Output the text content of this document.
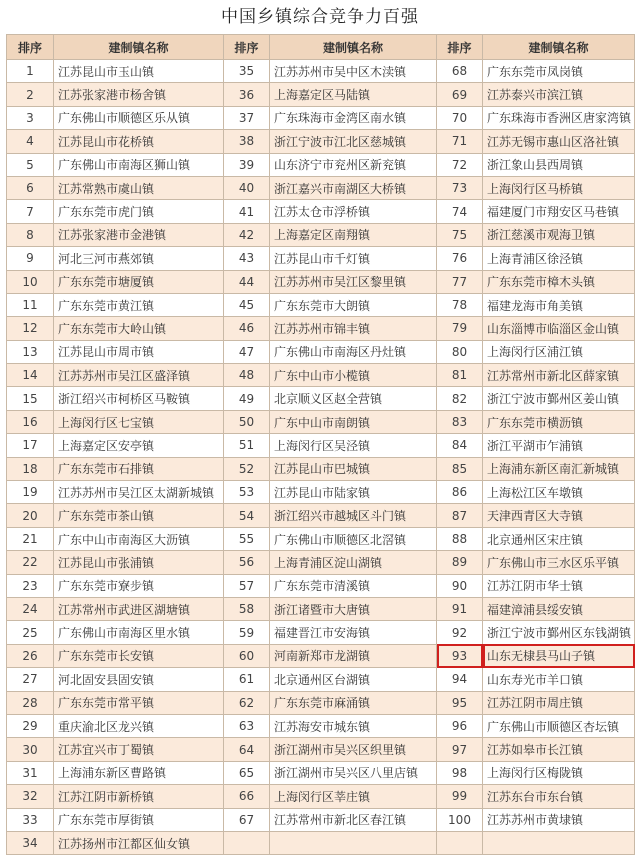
中国乡镇综合竞争力百强
排序	建制镇名称	排序	建制镇名称	排序	建制镇名称
1	江苏昆山市玉山镇	35	江苏苏州市吴中区木渎镇	68	广东东莞市凤岗镇
2	江苏张家港市杨舍镇	36	上海嘉定区马陆镇	69	江苏泰兴市滨江镇
3	广东佛山市顺德区乐从镇	37	广东珠海市金湾区南水镇	70	广东珠海市香洲区唐家湾镇
4	江苏昆山市花桥镇	38	浙江宁波市江北区慈城镇	71	江苏无锡市惠山区洛社镇
5	广东佛山市南海区狮山镇	39	山东济宁市兖州区新兖镇	72	浙江象山县西周镇
6	江苏常熟市虞山镇	40	浙江嘉兴市南湖区大桥镇	73	上海闵行区马桥镇
7	广东东莞市虎门镇	41	江苏太仓市浮桥镇	74	福建厦门市翔安区马巷镇
8	江苏张家港市金港镇	42	上海嘉定区南翔镇	75	浙江慈溪市观海卫镇
9	河北三河市燕郊镇	43	江苏昆山市千灯镇	76	上海青浦区徐泾镇
10	广东东莞市塘厦镇	44	江苏苏州市吴江区黎里镇	77	广东东莞市樟木头镇
11	广东东莞市黄江镇	45	广东东莞市大朗镇	78	福建龙海市角美镇
12	广东东莞市大岭山镇	46	江苏苏州市锦丰镇	79	山东淄博市临淄区金山镇
13	江苏昆山市周市镇	47	广东佛山市南海区丹灶镇	80	上海闵行区浦江镇
14	江苏苏州市吴江区盛泽镇	48	广东中山市小榄镇	81	江苏常州市新北区薛家镇
15	浙江绍兴市柯桥区马鞍镇	49	北京顺义区赵全营镇	82	浙江宁波市鄞州区姜山镇
16	上海闵行区七宝镇	50	广东中山市南朗镇	83	广东东莞市横沥镇
17	上海嘉定区安亭镇	51	上海闵行区吴泾镇	84	浙江平湖市乍浦镇
18	广东东莞市石排镇	52	江苏昆山市巴城镇	85	上海浦东新区南汇新城镇
19	江苏苏州市吴江区太湖新城镇	53	江苏昆山市陆家镇	86	上海松江区车墩镇
20	广东东莞市茶山镇	54	浙江绍兴市越城区斗门镇	87	天津西青区大寺镇
21	广东中山市南海区大沥镇	55	广东佛山市顺德区北滘镇	88	北京通州区宋庄镇
22	江苏昆山市张浦镇	56	上海青浦区淀山湖镇	89	广东佛山市三水区乐平镇
23	广东东莞市寮步镇	57	广东东莞市清溪镇	90	江苏江阴市华士镇
24	江苏常州市武进区湖塘镇	58	浙江诸暨市大唐镇	91	福建漳浦县绥安镇
25	广东佛山市南海区里水镇	59	福建晋江市安海镇	92	浙江宁波市鄞州区东钱湖镇
26	广东东莞市长安镇	60	河南新郑市龙湖镇	93	山东无棣县马山子镇
27	河北固安县固安镇	61	北京通州区台湖镇	94	山东寿光市羊口镇
28	广东东莞市常平镇	62	广东东莞市麻涌镇	95	江苏江阴市周庄镇
29	重庆渝北区龙兴镇	63	江苏海安市城东镇	96	广东佛山市顺德区杏坛镇
30	江苏宜兴市丁蜀镇	64	浙江湖州市吴兴区织里镇	97	江苏如皋市长江镇
31	上海浦东新区曹路镇	65	浙江湖州市吴兴区八里店镇	98	上海闵行区梅陇镇
32	江苏江阴市新桥镇	66	上海闵行区莘庄镇	99	江苏东台市东台镇
33	广东东莞市厚街镇	67	江苏常州市新北区春江镇	100	江苏苏州市黄埭镇
34	江苏扬州市江都区仙女镇				
